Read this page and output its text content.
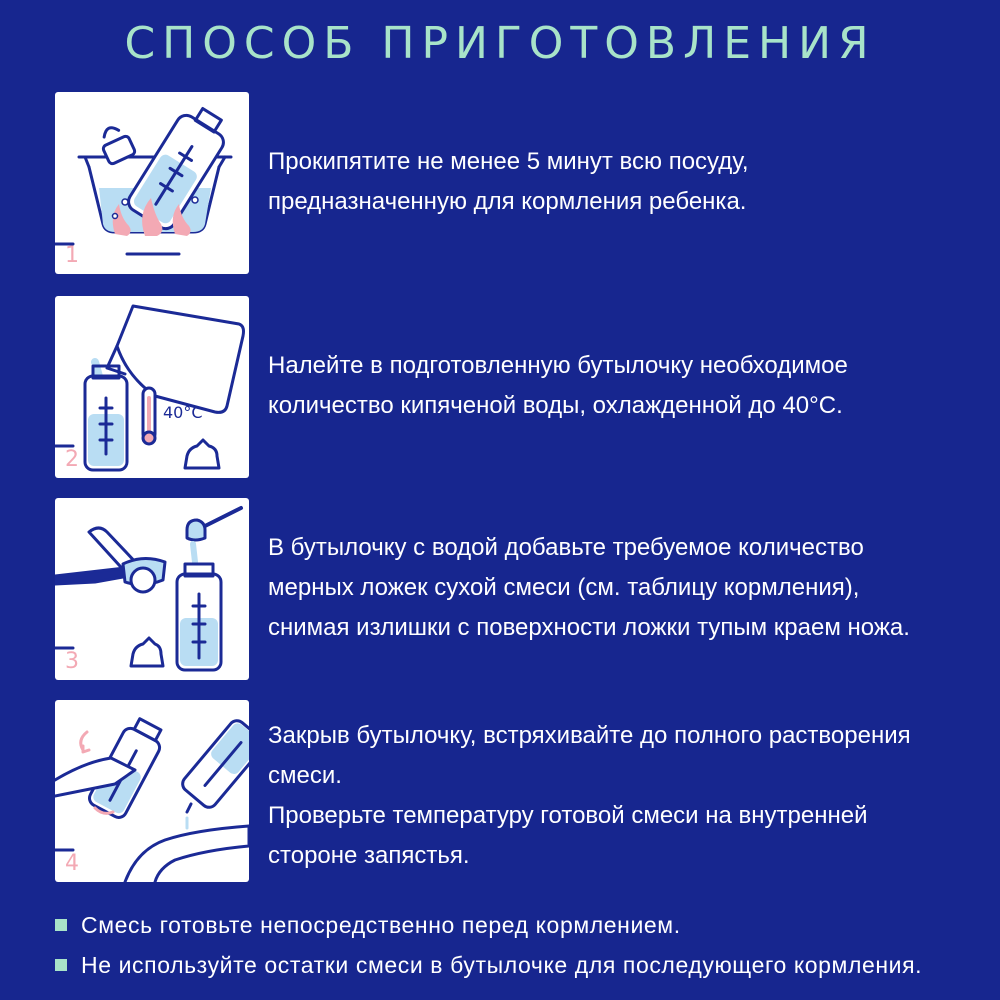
СПОСОБ ПРИГОТОВЛЕНИЯ
1
Прокипятите не менее 5 минут всю посуду,
предназначенную для кормления ребенка.
40°C
2
Налейте в подготовленную бутылочку необходимое
количество кипяченой воды, охлажденной до 40°C.
3
В бутылочку с водой добавьте требуемое количество
мерных ложек сухой смеси (см. таблицу кормления),
снимая излишки с поверхности ложки тупым краем ножа.
4
Закрыв бутылочку, встряхивайте до полного растворения
смеси.
Проверьте температуру готовой смеси на внутренней
стороне запястья.
Смесь готовьте непосредственно перед кормлением.
Не используйте остатки смеси в бутылочке для последующего кормления.
